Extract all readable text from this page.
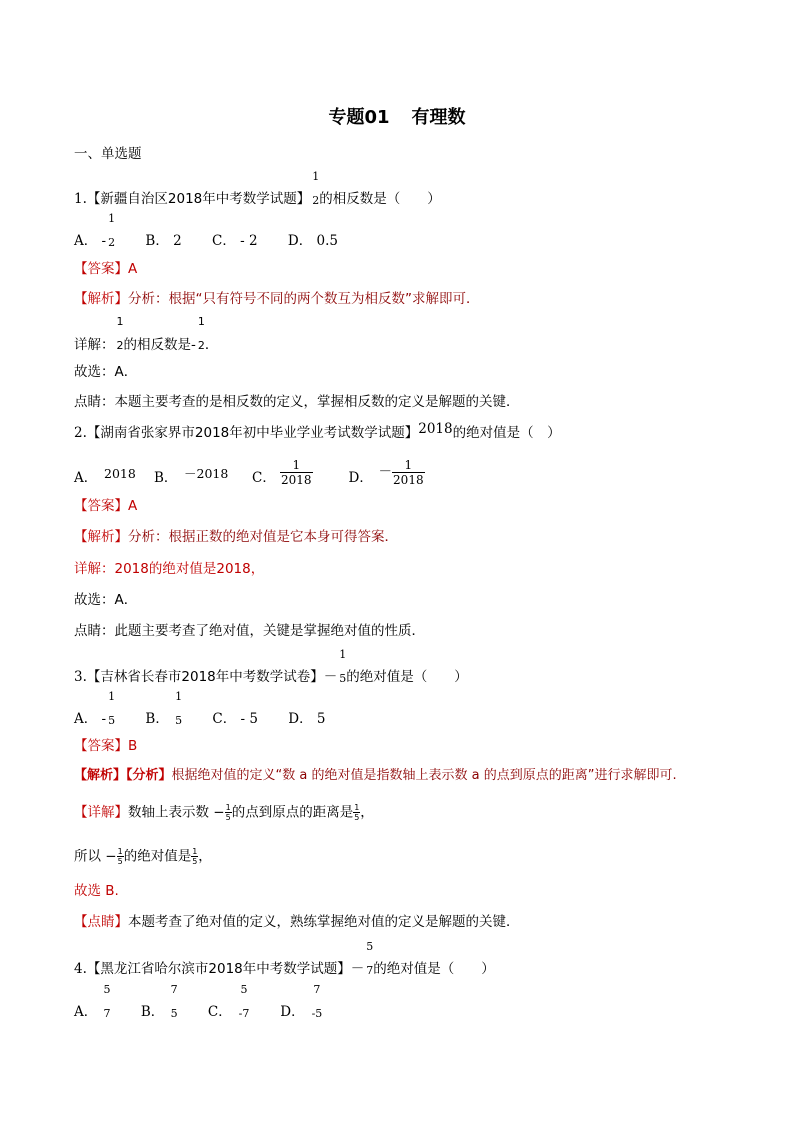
专题01 有理数
一、单选题
1.【新疆自治区2018年中考数学试题】
1
2 的相反数是（　　）
A． -
1
2 B． 2 C． - 2 D． 0.5
【答案】A
【解析】分析：根据“只有符号不同的两个数互为相反数”求解即可．
详解：
1
2 的相反数是-
1
2 ．
故选：A．
点睛：本题主要考查的是相反数的定义，掌握相反数的定义是解题的关键．
2.【湖南省张家界市2018年初中毕业学业考试数学试题】2018的绝对值是（　）
A． 2018 B． －2018 C． $\frac{1}{2018}$	D． － $\frac{1}{2018}$
【答案】A
【解析】分析：根据正数的绝对值是它本身可得答案．
详解：2018的绝对值是2018，
故选：A．
点睛：此题主要考查了绝对值，关键是掌握绝对值的性质．
3.【吉林省长春市2018年中考数学试卷】－
1
5 的绝对值是（　　）
A． -
1
5 B．
1
5 C． - 5 D． 5
【答案】B
【解析】【分析】根据绝对值的定义“数 a 的绝对值是指数轴上表示数 a 的点到原点的距离”进行求解即可.
【详解】数轴上表示数 − $\frac{1}{5}$ 的点到原点的距离是 $\frac{1}{5}$ ，
所以 − $\frac{1}{5}$ 的绝对值是 $\frac{1}{5}$ ，
故选 B.
【点睛】本题考查了绝对值的定义，熟练掌握绝对值的定义是解题的关键．
4.【黑龙江省哈尔滨市2018年中考数学试题】－
5
7 的绝对值是（　　）
A．
5
7 B．
7
5 C．
5
-7 D．
7
-5
